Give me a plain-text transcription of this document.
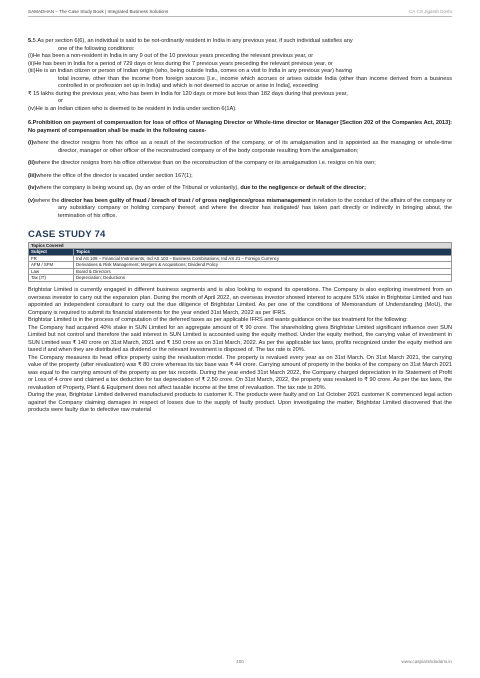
SAMADHAN – The Case Study Book | Integrated Business Solutions	CA CS Jigarsh Doshi

5.5.As per section 6(6), an individual is said to be not-ordinarily resident in India in any previous year, if such individual satisfies any

one of the following conditions:

(i)He has been a non-resident in India in any 9 out of the 10 previous years preceding the relevant previous year, or

(ii)He has been in India for a period of 729 days or less during the 7 previous years preceding the relevant previous year, or

(iii)He is an Indian citizen or person of Indian origin (who, being outside India, comes on a visit to India in any previous year) having

total income, other than the income from foreign sources [i.e., income which accrues or arises outside India (other than income derived from a business controlled in or profession set up in India) and which is not deemed to accrue or arise in India], exceeding

₹ 15 lakhs during the previous year, who has been in India for 120 days or more but less than 182 days during that previous year,

or

(iv)He is an Indian citizen who is deemed to be resident in India under section 6(1A).

6.Prohibition on payment of compensation for loss of office of Managing Director or Whole-time director or Manager [Section 202 of the Companies Act, 2013]: No payment of compensation shall be made in the following cases-

(i)where the director resigns from his office as a result of the reconstruction of the company, or of its amalgamation and is appointed as the managing or whole-time director, manager or other officer of the reconstructed company or of the body corporate resulting from the amalgamation;

(ii)where the director resigns from his office otherwise than on the reconstruction of the company or its amalgamation i.e. resigns on his own;

(iii)where the office of the director is vacated under section 167(1);

(iv)where the company is being wound up, (by an order of the Tribunal or voluntarily), due to the negligence or default of the director;

(v)where the director has been guilty of fraud / breach of trust / of gross negligence/gross mismanagement in relation to the conduct of the affairs of the company or any subsidiary company or holding company thereof; and where the director has instigated/ has taken part directly or indirectly in bringing about, the termination of his office.

CASE STUDY 74
Topics Covered	
Subject	Topics
FR	Ind AS 109 – Financial Instruments; Ind AS 103 – Business Combinations; Ind AS 21 – Foreign Currency
AFM / SFM	Derivatives & Risk Management; Mergers & Acquisitions; Dividend Policy
Law	Board & Directors
Tax (IT)	Depreciation; Deductions

Brightstar Limited is currently engaged in different business segments and is also looking to expand its operations. The Company is also exploring investment from an overseas investor to carry out the expansion plan. During the month of April 2022, an overseas investor showed interest to acquire 51% stake in Brightstar Limited and has appointed an independent consultant to carry out the due diligence of Brightstar Limited. As per one of the conditions of Memorandum of Understanding (MoU), the Company is required to submit its financial statements for the year ended 31st March, 2022 as per IFRS.

Brightstar Limited is in the process of computation of the deferred taxes as per applicable IFRS and wants guidance on the tax treatment for the following:

The Company had acquired 40% stake in SUN Limited for an aggregate amount of ₹ 90 crore. The shareholding gives Brightstar Limited significant influence over SUN Limited but not control and therefore the said interest in SUN Limited is accounted using the equity method. Under the equity method, the carrying value of investment in SUN Limited was ₹ 140 crore on 31st March, 2021 and ₹ 150 crore as on 31st March, 2022. As per the applicable tax laws, profits recognized under the equity method are taxed if and when they are distributed as dividend or the relevant investment is disposed of. The tax rate is 20%.

The Company measures its head office property using the revaluation model. The property is revalued every year as on 31st March. On 31st March 2021, the carrying value of the property (after revaluation) was ₹ 80 crore whereas its tax base was ₹ 44 crore. Carrying amount of property in the books of the company on 31st March 2021 was equal to the carrying amount of the property as per tax records. During the year ended 31st March 2022, the Company charged depreciation in its Statement of Profit or Loss of 4 crore and claimed a tax deduction for tax depreciation of ₹ 2.50 crore. On 31st March, 2022, the property was revalued to ₹ 90 crore. As per the tax laws, the revaluation of Property, Plant & Equipment does not affect taxable income at the time of revaluation. The tax rate is 20%.

During the year, Brightstar Limited delivered manufactured products to customer K. The products were faulty and on 1st October 2021 customer K commenced legal action against the Company claiming damages in respect of losses due to the supply of faulty product. Upon investigating the matter, Brightstar Limited discovered that the products were faulty due to defective raw material

400	www.caspiarshdodami.in
